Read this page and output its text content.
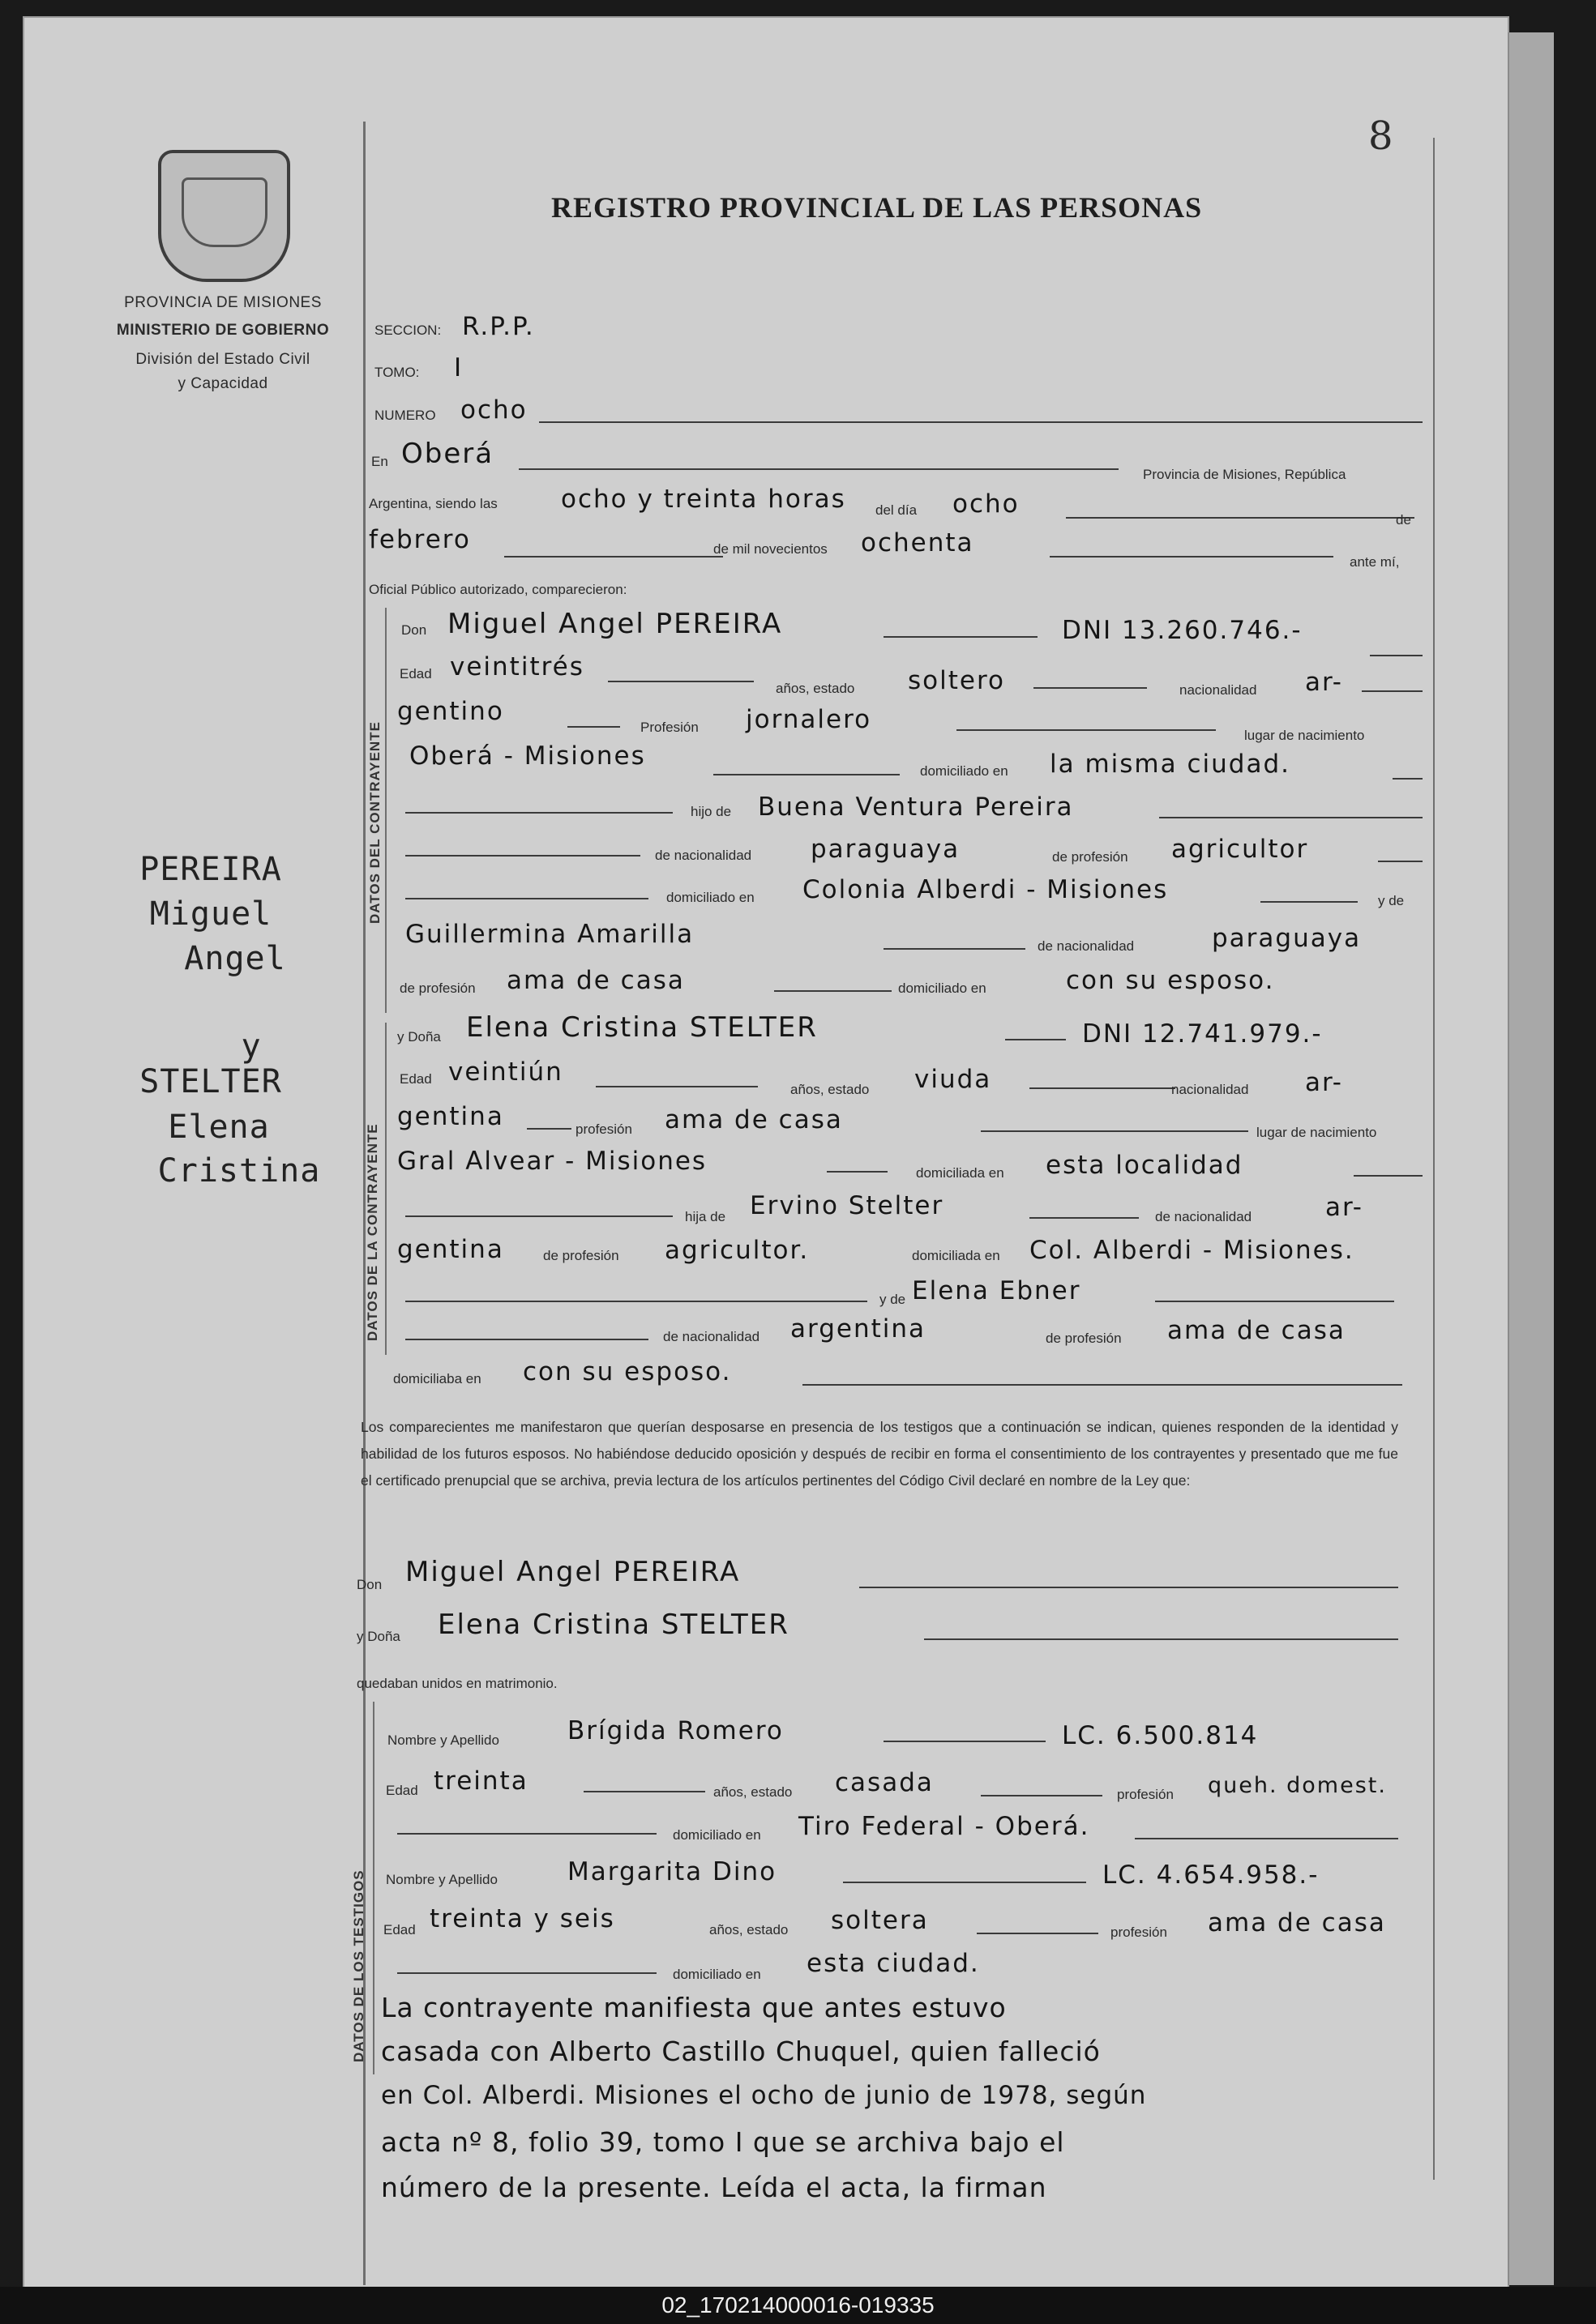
PROVINCIA DE MISIONES
MINISTERIO DE GOBIERNO
División del Estado Civil
y Capacidad
PEREIRA
Miguel
Angel
y
STELTER
Elena
Cristina
8
REGISTRO PROVINCIAL DE LAS PERSONAS
SECCION: R.P.P.
TOMO: I
NUMERO ocho
En Oberá
Provincia de Misiones, República
Argentina, siendo las	ocho y treinta horas del día ocho
de
febrero	de mil novecientos ochenta
ante mí,
Oficial Público autorizado, comparecieron:
DATOS DEL CONTRAYENTE
Don Miguel Angel PEREIRA	DNI 13.260.746.-
Edad veintitrés
años, estado soltero	nacionalidad ar-
gentino
Profesión jornalero
lugar de nacimiento
Oberá - Misiones
domiciliado en la misma ciudad.
hijo de Buena Ventura Pereira
de nacionalidad paraguaya	de profesión agricultor
domiciliado en Colonia Alberdi - Misiones	y de
Guillermina Amarilla	de nacionalidad	paraguaya
de profesión ama de casa	domiciliado en	con su esposo.
DATOS DE LA CONTRAYENTE
y Doña Elena Cristina STELTER	DNI 12.741.979.-
Edad veintiún
años, estado viuda	nacionalidad ar-
gentina	profesión ama de casa	lugar de nacimiento
Gral Alvear - Misiones	domiciliada en esta localidad
hija de Ervino Stelter	de nacionalidad	ar-
gentina	de profesión agricultor.	domiciliada en Col. Alberdi - Misiones.
y de Elena Ebner
de nacionalidad argentina	de profesión ama de casa
domiciliaba en con su esposo.
Los comparecientes me manifestaron que querían desposarse en presencia de los testigos que a continuación se indican, quienes responden de la identidad y habilidad de los futuros esposos. No habiéndose deducido oposición y después de recibir en forma el consentimiento de los contrayentes y presentado que me fue el certificado prenupcial que se archiva, previa lectura de los artículos pertinentes del Código Civil declaré en nombre de la Ley que:
Don Miguel Angel PEREIRA
y Doña Elena Cristina STELTER
quedaban unidos en matrimonio.
DATOS DE LOS TESTIGOS
Nombre y Apellido	Brígida Romero	LC. 6.500.814
Edad treinta	años, estado casada	profesión queh. domest.
domiciliado en Tiro Federal - Oberá.
Nombre y Apellido	Margarita Dino	LC. 4.654.958.-
Edad treinta y seis	años, estado soltera	profesión ama de casa
domiciliado en esta ciudad.
La contrayente manifiesta que antes estuvo
casada con Alberto Castillo Chuquel, quien falleció
en Col. Alberdi. Misiones el ocho de junio de 1978, según
acta nº 8, folio 39, tomo I que se archiva bajo el
número de la presente. Leída el acta, la firman
02_170214000016-019335
